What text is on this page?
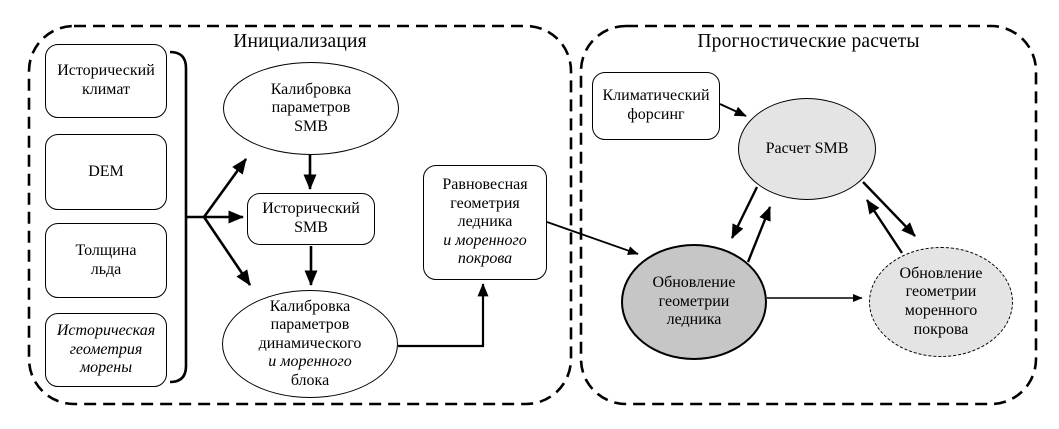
Инициализация	Прогностические расчеты
Исторический
климат
DEM
Толщина
льда
Историческая
геометрия
морены
Калибровка
параметров
SMB
Исторический
SMB
Калибровка
параметров
динамического
и моренного
блока
Равновесная
геометрия
ледника
и моренного
покрова
Климатический
форсинг
Расчет SMB
Обновление
геометрии
ледника
Обновление
геометрии
моренного
покрова
